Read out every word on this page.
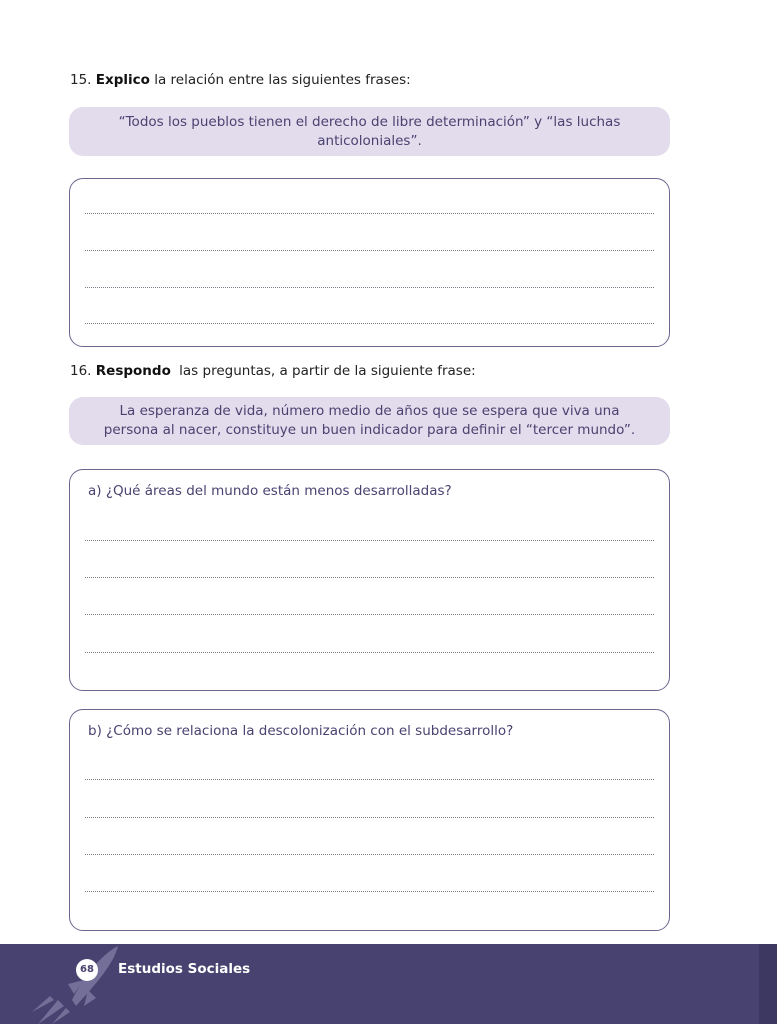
15. Explico la relación entre las siguientes frases:
“Todos los pueblos tienen el derecho de libre determinación” y “las luchas anticoloniales”.
16. Respondo las preguntas, a partir de la siguiente frase:
La esperanza de vida, número medio de años que se espera que viva una persona al nacer, constituye un buen indicador para definir el “tercer mundo”.
a) ¿Qué áreas del mundo están menos desarrolladas?
b) ¿Cómo se relaciona la descolonización con el subdesarrollo?
68 Estudios Sociales
